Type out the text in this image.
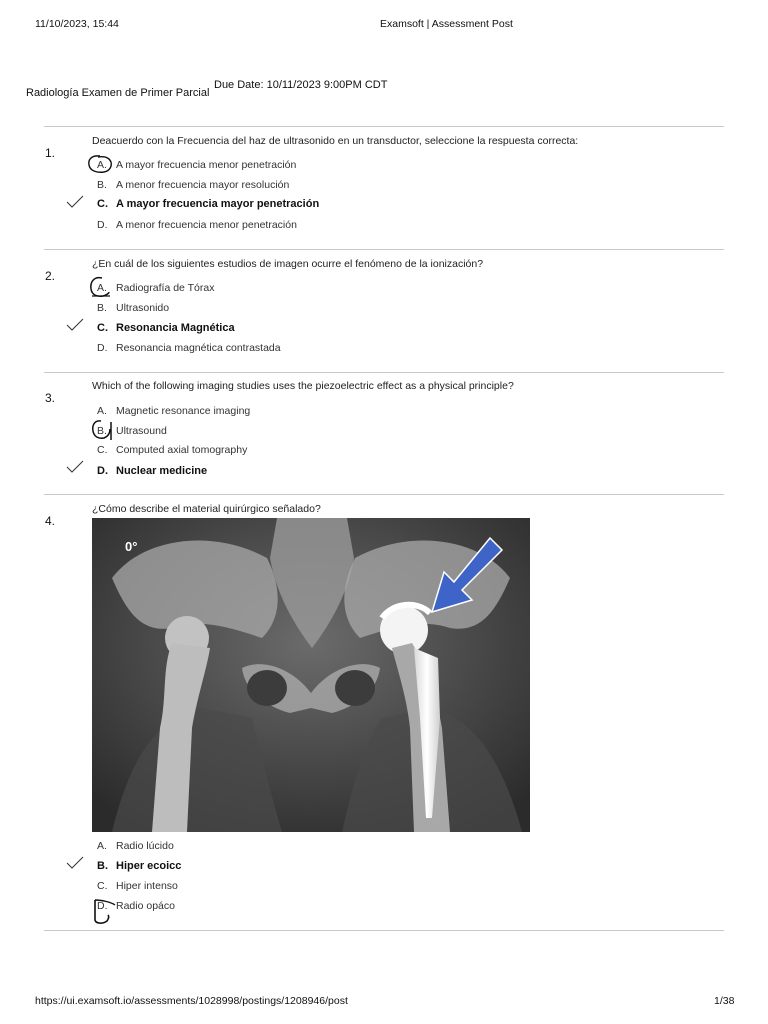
11/10/2023, 15:44	Examsoft | Assessment Post
Radiología Examen de Primer Parcial
Due Date: 10/11/2023 9:00PM CDT
1.
Deacuerdo con la Frecuencia del haz de ultrasonido en un transductor, seleccione la respuesta correcta:
A. A mayor frecuencia menor penetración
B. A menor frecuencia mayor resolución
C. A mayor frecuencia mayor penetración
D. A menor frecuencia menor penetración
2.
¿En cuál de los siguientes estudios de imagen ocurre el fenómeno de la ionización?
A. Radiografía de Tórax
B. Ultrasonido
C. Resonancia Magnética
D. Resonancia magnética contrastada
3.
Which of the following imaging studies uses the piezoelectric effect as a physical principle?
A. Magnetic resonance imaging
B. Ultrasound
C. Computed axial tomography
D. Nuclear medicine
4.
¿Cómo describe el material quirúrgico señalado?
0°
A. Radio lúcido
B. Hiper ecoicc
C. Hiper intenso
D. Radio opáco
https://ui.examsoft.io/assessments/1028998/postings/1208946/post	1/38
